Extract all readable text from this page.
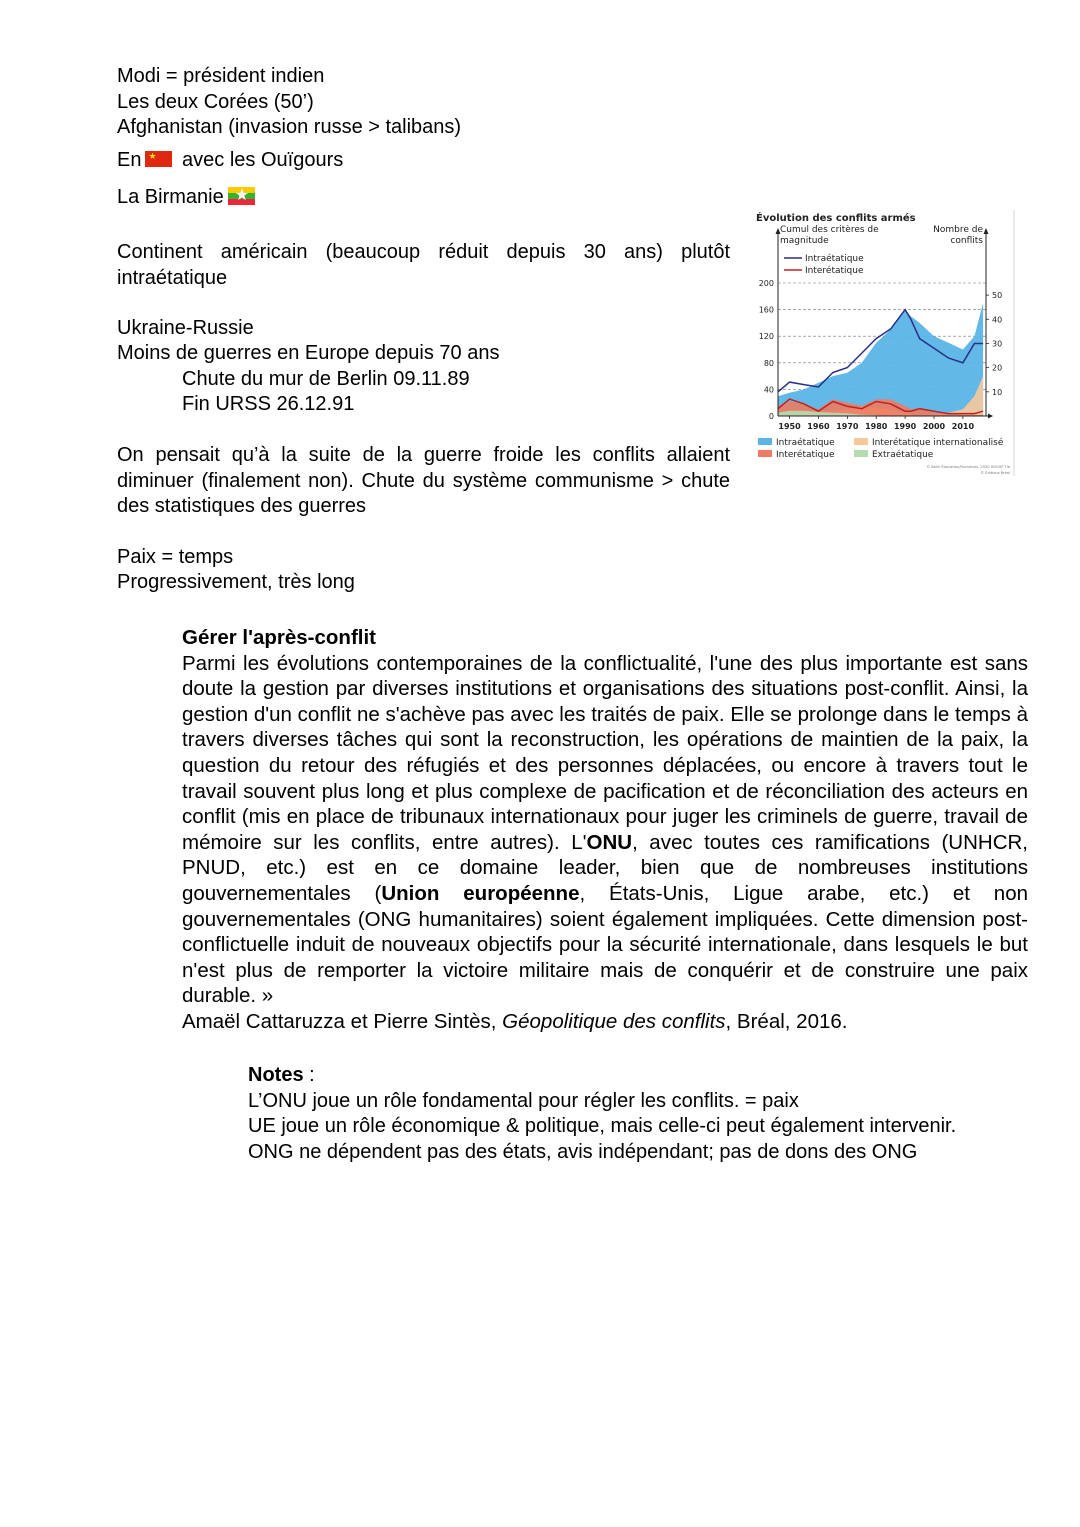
Modi = président indien
Les deux Corées (50’)
Afghanistan (invasion russe > talibans)
En ★ avec les Ouïgours
La Birmanie ★
Continent américain (beaucoup réduit depuis 30 ans) plutôt intraétatique
Ukraine-Russie
Moins de guerres en Europe depuis 70 ans
Chute du mur de Berlin 09.11.89
Fin URSS 26.12.91
On pensait qu’à la suite de la guerre froide les conflits allaient diminuer (finalement non). Chute du système communisme > chute des statistiques des guerres
Paix = temps
Progressivement, très long
Évolution des conflits armés
Cumul des critères de magnitude
Nombre de conflits
0
40
80
120
160
200
10
20
30
40
50
1950 1960 1970 1980 1990 2000 2010
Intraétatique
Interétatique
Intraétatique	Interétatique internationalisé
Interétatique	Extraétatique
© Belin Éducation/Humensis, 2020 HGGSP Tle
© Éditions Bréal
Gérer l'après-conflit

Parmi les évolutions contemporaines de la conflictualité, l'une des plus importante est sans doute la gestion par diverses institutions et organisations des situations post-conflit. Ainsi, la gestion d'un conflit ne s'achève pas avec les traités de paix. Elle se prolonge dans le temps à travers diverses tâches qui sont la reconstruction, les opérations de maintien de la paix, la question du retour des réfugiés et des personnes déplacées, ou encore à travers tout le travail souvent plus long et plus complexe de pacification et de réconciliation des acteurs en conflit (mis en place de tribunaux internationaux pour juger les criminels de guerre, travail de mémoire sur les conflits, entre autres). L'ONU, avec toutes ces ramifications (UNHCR, PNUD, etc.) est en ce domaine leader, bien que de nombreuses institutions gouvernementales (Union européenne, États-Unis, Ligue arabe, etc.) et non gouvernementales (ONG humanitaires) soient également impliquées. Cette dimension post-conflictuelle induit de nouveaux objectifs pour la sécurité internationale, dans lesquels le but n'est plus de remporter la victoire militaire mais de conquérir et de construire une paix durable. »

Amaël Cattaruzza et Pierre Sintès, Géopolitique des conflits, Bréal, 2016.
Notes :
L’ONU joue un rôle fondamental pour régler les conflits. = paix
UE joue un rôle économique & politique, mais celle-ci peut également intervenir.
ONG ne dépendent pas des états, avis indépendant; pas de dons des ONG
